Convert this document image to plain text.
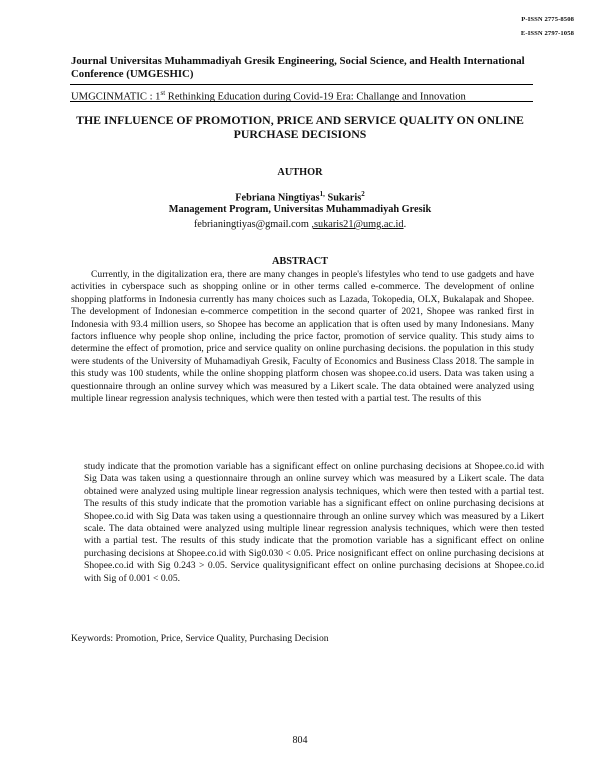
P-ISSN 2775-8508
E-ISSN 2797-1058
Journal Universitas Muhammadiyah Gresik Engineering, Social Science, and Health International Conference (UMGESHIC)
UMGCINMATIC : 1st Rethinking Education during Covid-19 Era: Challange and Innovation
THE INFLUENCE OF PROMOTION, PRICE AND SERVICE QUALITY ON ONLINE PURCHASE DECISIONS
AUTHOR
Febriana Ningtiyas$^{1,}$ Sukaris$^2$
Management Program, Universitas Muhammadiyah Gresik
febrianingtiyas@gmail.com ,sukaris21@umg.ac.id.
ABSTRACT
Currently, in the digitalization era, there are many changes in people's lifestyles who tend to use gadgets and have activities in cyberspace such as shopping online or in other terms called e-commerce. The development of online shopping platforms in Indonesia currently has many choices such as Lazada, Tokopedia, OLX, Bukalapak and Shopee. The development of Indonesian e-commerce competition in the second quarter of 2021, Shopee was ranked first in Indonesia with 93.4 million users, so Shopee has become an application that is often used by many Indonesians. Many factors influence why people shop online, including the price factor, promotion of service quality. This study aims to determine the effect of promotion, price and service quality on online purchasing decisions. the population in this study were students of the University of Muhamadiyah Gresik, Faculty of Economics and Business Class 2018. The sample in this study was 100 students, while the online shopping platform chosen was shopee.co.id users. Data was taken using a questionnaire through an online survey which was measured by a Likert scale. The data obtained were analyzed using multiple linear regression analysis techniques, which were then tested with a partial test. The results of this
study indicate that the promotion variable has a significant effect on online purchasing decisions at Shopee.co.id with Sig Data was taken using a questionnaire through an online survey which was measured by a Likert scale. The data obtained were analyzed using multiple linear regression analysis techniques, which were then tested with a partial test. The results of this study indicate that the promotion variable has a significant effect on online purchasing decisions at Shopee.co.id with Sig Data was taken using a questionnaire through an online survey which was measured by a Likert scale. The data obtained were analyzed using multiple linear regression analysis techniques, which were then tested with a partial test. The results of this study indicate that the promotion variable has a significant effect on online purchasing decisions at Shopee.co.id with Sig0.030 < 0.05. Price nosignificant effect on online purchasing decisions at Shopee.co.id with Sig 0.243 > 0.05. Service qualitysignificant effect on online purchasing decisions at Shopee.co.id with Sig of 0.001 < 0.05.
Keywords: Promotion, Price, Service Quality, Purchasing Decision
804
